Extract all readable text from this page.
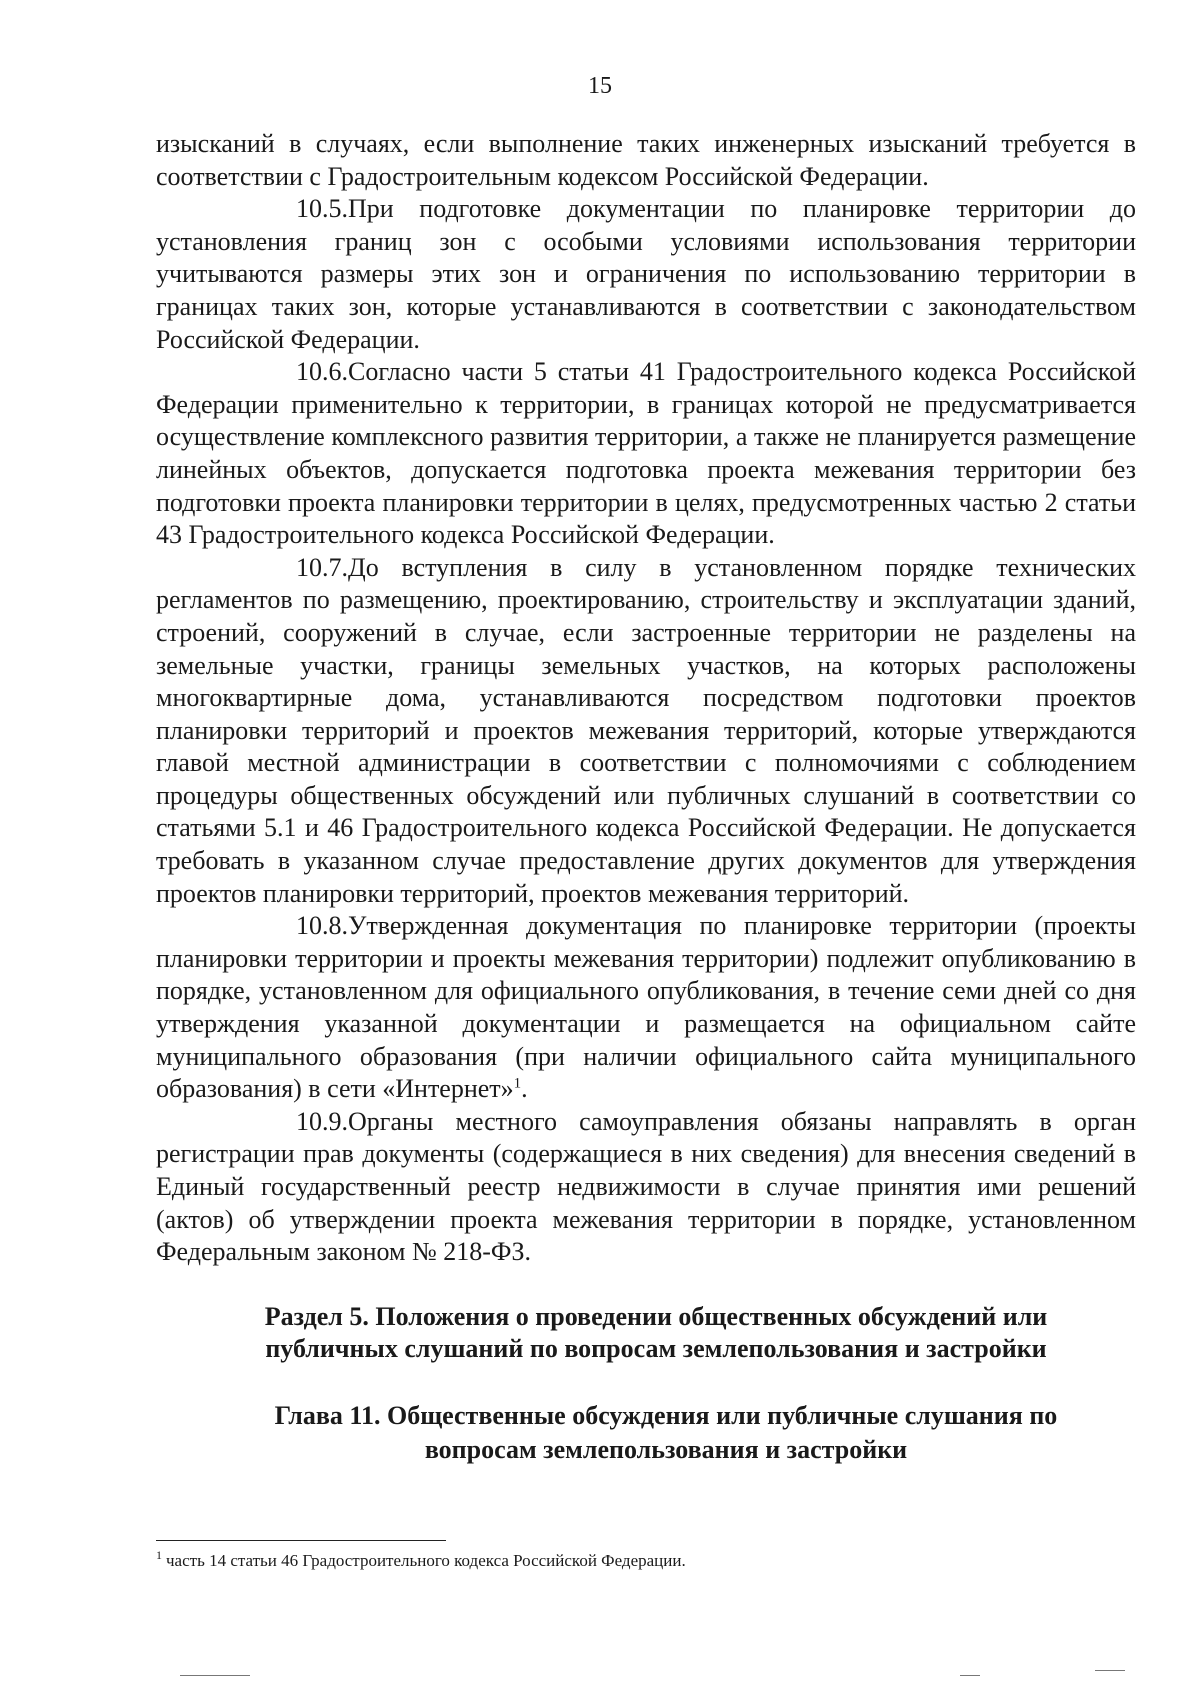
15

изысканий в случаях, если выполнение таких инженерных изысканий требуется в соответствии с Градостроительным кодексом Российской Федерации.

10.5.При подготовке документации по планировке территории до установления границ зон с особыми условиями использования территории учитываются размеры этих зон и ограничения по использованию территории в границах таких зон, которые устанавливаются в соответствии с законодательством Российской Федерации.

10.6.Согласно части 5 статьи 41 Градостроительного кодекса Российской Федерации применительно к территории, в границах которой не предусматривается осуществление комплексного развития территории, а также не планируется размещение линейных объектов, допускается подготовка проекта межевания территории без подготовки проекта планировки территории в целях, предусмотренных частью 2 статьи 43 Градостроительного кодекса Российской Федерации.

10.7.До вступления в силу в установленном порядке технических регламентов по размещению, проектированию, строительству и эксплуатации зданий, строений, сооружений в случае, если застроенные территории не разделены на земельные участки, границы земельных участков, на которых расположены многоквартирные дома, устанавливаются посредством подготовки проектов планировки территорий и проектов межевания территорий, которые утверждаются главой местной администрации в соответствии с полномочиями с соблюдением процедуры общественных обсуждений или публичных слушаний в соответствии со статьями 5.1 и 46 Градостроительного кодекса Российской Федерации. Не допускается требовать в указанном случае предоставление других документов для утверждения проектов планировки территорий, проектов межевания территорий.

10.8.Утвержденная документация по планировке территории (проекты планировки территории и проекты межевания территории) подлежит опубликованию в порядке, установленном для официального опубликования, в течение семи дней со дня утверждения указанной документации и размещается на официальном сайте муниципального образования (при наличии официального сайта муниципального образования) в сети «Интернет»$^1$.

10.9.Органы местного самоуправления обязаны направлять в орган регистрации прав документы (содержащиеся в них сведения) для внесения сведений в Единый государственный реестр недвижимости в случае принятия ими решений (актов) об утверждении проекта межевания территории в порядке, установленном Федеральным законом № 218-ФЗ.

Раздел 5. Положения о проведении общественных обсуждений или
публичных слушаний по вопросам землепользования и застройки
Глава 11. Общественные обсуждения или публичные слушания по
вопросам землепользования и застройки
$^1$ часть 14 статьи 46 Градостроительного кодекса Российской Федерации.
